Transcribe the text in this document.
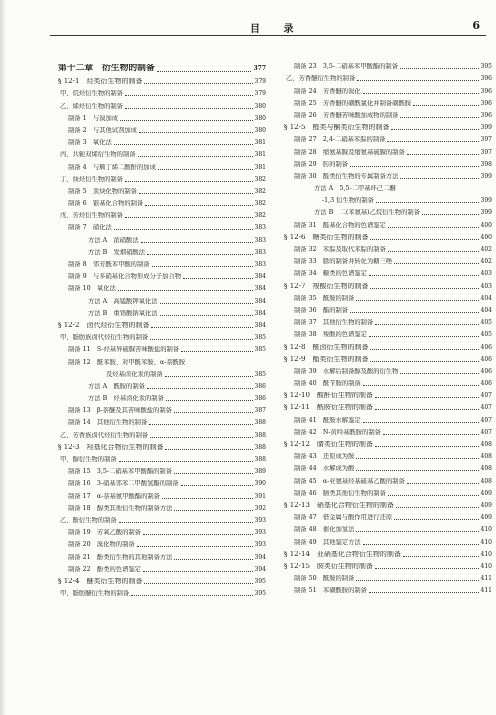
目 录	6
第十二章　衍生物的制备	377
§ 12-1　烃类衍生物的制备	379
甲、烷烃衍生物的制备	379
乙、烯烃衍生物的制备	380
制备 1　与溴加成	380
制备 2　与其他试剂加成	380
制备 3　氧化法	381
丙、共轭双烯衍生物的制备	381
制备 4　与顺丁烯二酸酐的加成	381
丁、炔烃衍生物的制备	382
制备 5　汞炔化物的制备	382
制备 6　银基化合物的制备	382
戊、芳烃衍生物的制备	382
制备 7　硝化法	383
方法 A　浓硝酸法	383
方法 B　发烟硝酸法	383
制备 8　邻芳酰苯甲酸的制备	383
制备 9　与多硝基化合物形成分子加合物	384
制备 10　氧化法	384
方法 A　高锰酸钾氧化法	384
方法 B　重铬酸钠氧化法	384
§ 12-2　卤代烃衍生物的制备	384
甲、脂肪族卤代烃衍生物的制备	385
制备 11　S-烃基异硫脲苦味酸盐的制备	385
制备 12　酰苯胺、对甲酰苯胺、α-萘酰胺
及烃基卤化汞的制备	385
方法 A　酰胺的制备	386
方法 B　烃基卤化汞的制备	386
制备 13　β-萘醚及其苦味酸盐的制备	387
制备 14　其他衍生物的制备	388
乙、芳香族卤代烃衍生物的制备	388
§ 12-3　羟基化合物衍生物的制备	388
甲、醇衍生物的制备	388
制备 15　3,5-二硝基苯甲酸酯的制备	389
制备 16　3-硝基邻苯二甲酸氢酯的制备	390
制备 17　α-萘基氨甲酸酯的制备	391
制备 18　醇类其他衍生物的制备方法	392
乙、酚衍生物的制备	393
制备 19　芳氧乙酸的制备	393
制备 20　溴化物的制备	393
制备 21　酚类衍生物的其他制备方法	394
制备 22　酚类的色谱鉴定	394
§ 12-4　醚类衍生物的制备	395
甲、脂肪醚衍生物的制备	395
制备 23　3,5-二硝基苯甲酸酯的制备	395
乙、芳香醚衍生物的制备	396
制备 24　芳香醚的溴化	396
制备 25　芳香醚的磺酰氯化并制备磺酰胺	396
制备 26　芳香醚苦味酸加成物的制备	396
§ 12-5　醛类与酮类衍生物的制备	399
制备 27　2,4-二硝基苯腙的制备	397
制备 28　缩氨基脲及缩氨基硫脲的制备	397
制备 29　肟的制备	398
制备 30　醛类衍生物的专属制备方法	399
方法 A　5,5-二甲基环己二酮
-1,3 衍生物的制备	399
方法 B　二(苯氨基)乙烷衍生物的制备	399
制备 31　醛基化合物的色谱鉴定	400
§ 12-6　糖类衍生物的制备	400
制备 32　苯腙及取代苯腙的制备	402
制备 33　脎的制备并转化为糖三唑	402
制备 34　糖类的色谱鉴定	403
§ 12-7　羧酸衍生物的制备	403
制备 35　酰胺的制备	404
制备 36　酯的制备	404
制备 37　其他衍生物的制备	405
制备 38　羧酸的色谱鉴定	405
§ 12-8　酰卤衍生物的制备	406
§ 12-9　酯类衍生物的制备	406
制备 39　水解后制备醇及酸的衍生物	406
制备 40　酰苄胺的制备	406
§ 12-10　酸酐衍生物的制备	407
§ 12-11　酰胺衍生物的制备	407
制备 41　酰胺水解鉴定	407
制备 42　N-黄呤基酰胺的制备	407
§ 12-12　腈类衍生物的制备	408
制备 43　还原成为胺	408
制备 44　水解成为酸	408
制备 45　α-亚氨基烃基硫基乙酸的制备	408
制备 46　腈类其他衍生物的制备	409
§ 12-13　硝基化合物衍生物的制备	409
制备 47　借金属与酸作用进行还原	409
制备 48　催化加氢法	410
制备 49　其他鉴定方法	410
§ 12-14　亚硝基化合物衍生物的制备	410
§ 12-15　胺类衍生物的制备	410
制备 50　酰胺的制备	411
制备 51　苯磺酰胺的制备	411
